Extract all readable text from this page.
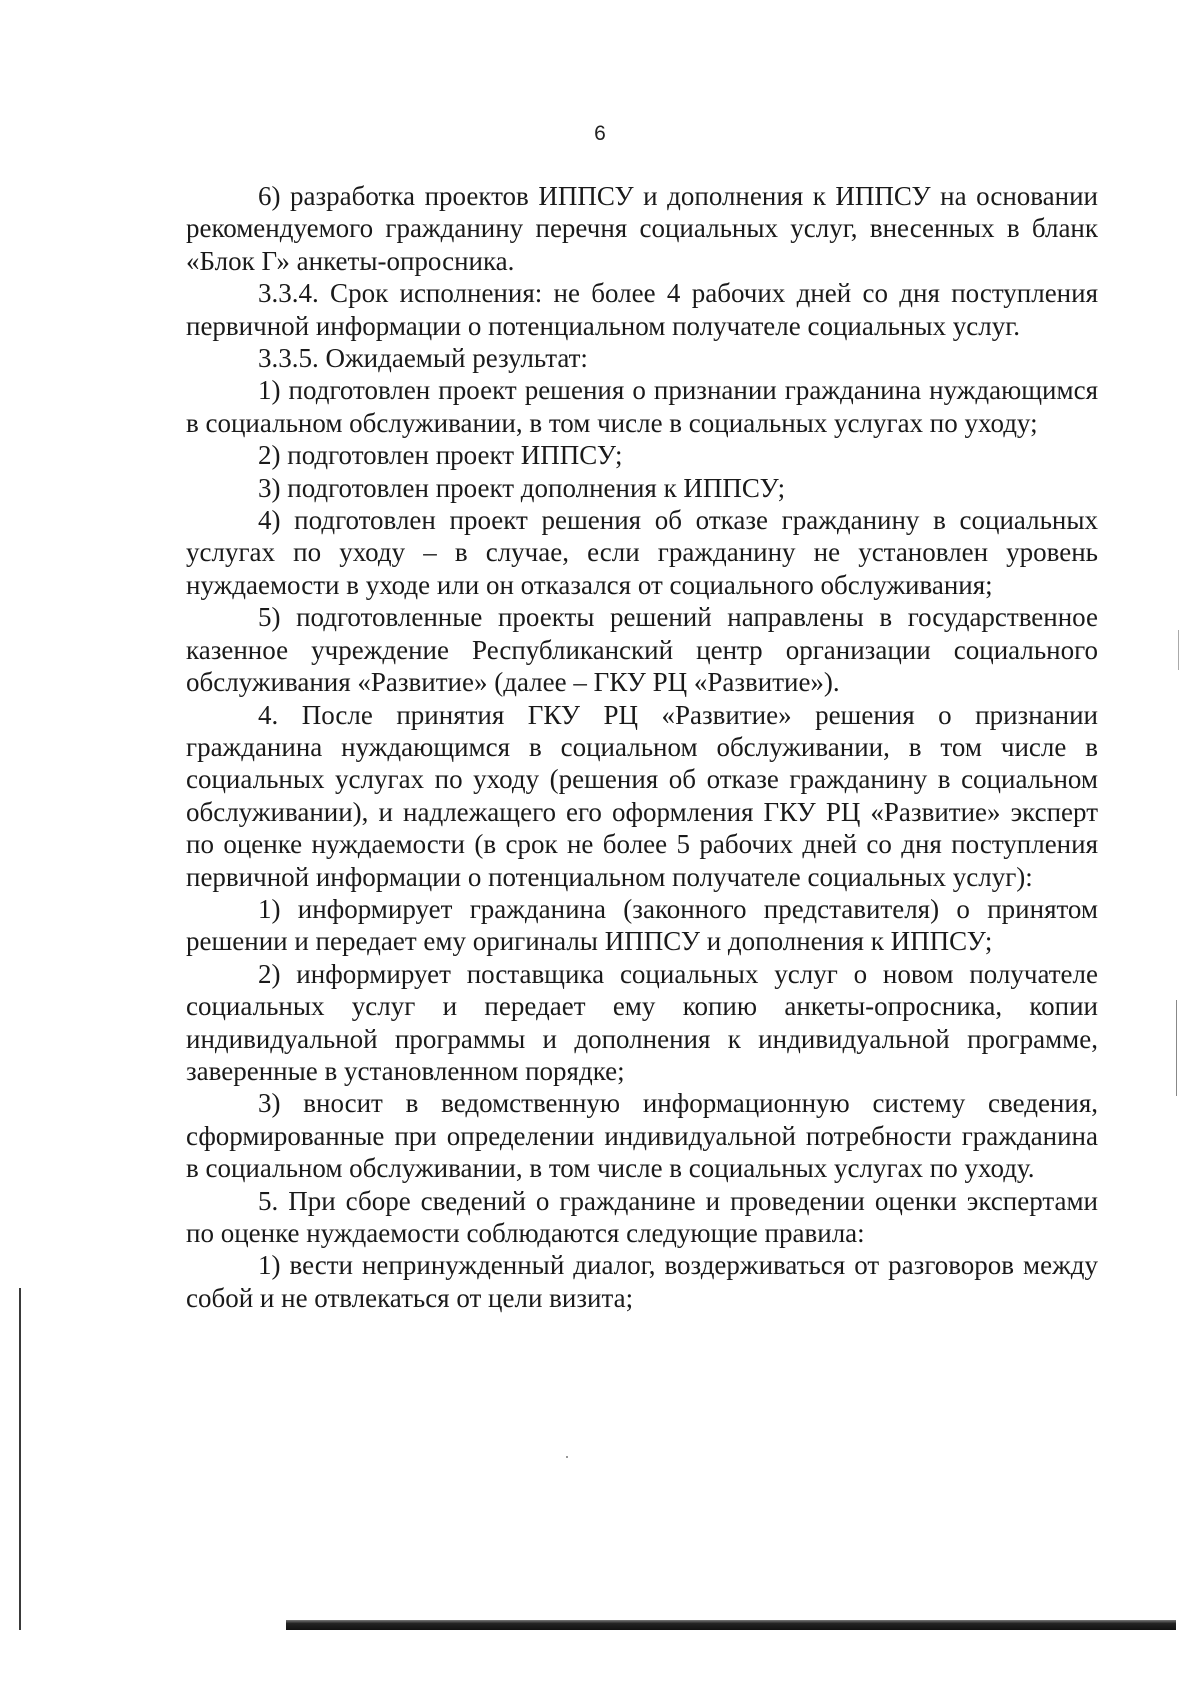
6

6) разработка проектов ИППСУ и дополнения к ИППСУ на основании рекомендуемого гражданину перечня социальных услуг, внесенных в бланк «Блок Г» анкеты-опросника.

3.3.4. Срок исполнения: не более 4 рабочих дней со дня поступления первичной информации о потенциальном получателе социальных услуг.

3.3.5. Ожидаемый результат:

1) подготовлен проект решения о признании гражданина нуждающимся в социальном обслуживании, в том числе в социальных услугах по уходу;

2) подготовлен проект ИППСУ;

3) подготовлен проект дополнения к ИППСУ;

4) подготовлен проект решения об отказе гражданину в социальных услугах по уходу – в случае, если гражданину не установлен уровень нуждаемости в уходе или он отказался от социального обслуживания;

5) подготовленные проекты решений направлены в государственное казенное учреждение Республиканский центр организации социального обслуживания «Развитие» (далее – ГКУ РЦ «Развитие»).

4. После принятия ГКУ РЦ «Развитие» решения о признании гражданина нуждающимся в социальном обслуживании, в том числе в социальных услугах по уходу (решения об отказе гражданину в социальном обслуживании), и надлежащего его оформления ГКУ РЦ «Развитие» эксперт по оценке нуждаемости (в срок не более 5 рабочих дней со дня поступления первичной информации о потенциальном получателе социальных услуг):

1) информирует гражданина (законного представителя) о принятом решении и передает ему оригиналы ИППСУ и дополнения к ИППСУ;

2) информирует поставщика социальных услуг о новом получателе социальных услуг и передает ему копию анкеты-опросника, копии индивидуальной программы и дополнения к индивидуальной программе, заверенные в установленном порядке;

3) вносит в ведомственную информационную систему сведения, сформированные при определении индивидуальной потребности гражданина в социальном обслуживании, в том числе в социальных услугах по уходу.

5. При сборе сведений о гражданине и проведении оценки экспертами по оценке нуждаемости соблюдаются следующие правила:

1) вести непринужденный диалог, воздерживаться от разговоров между собой и не отвлекаться от цели визита;
